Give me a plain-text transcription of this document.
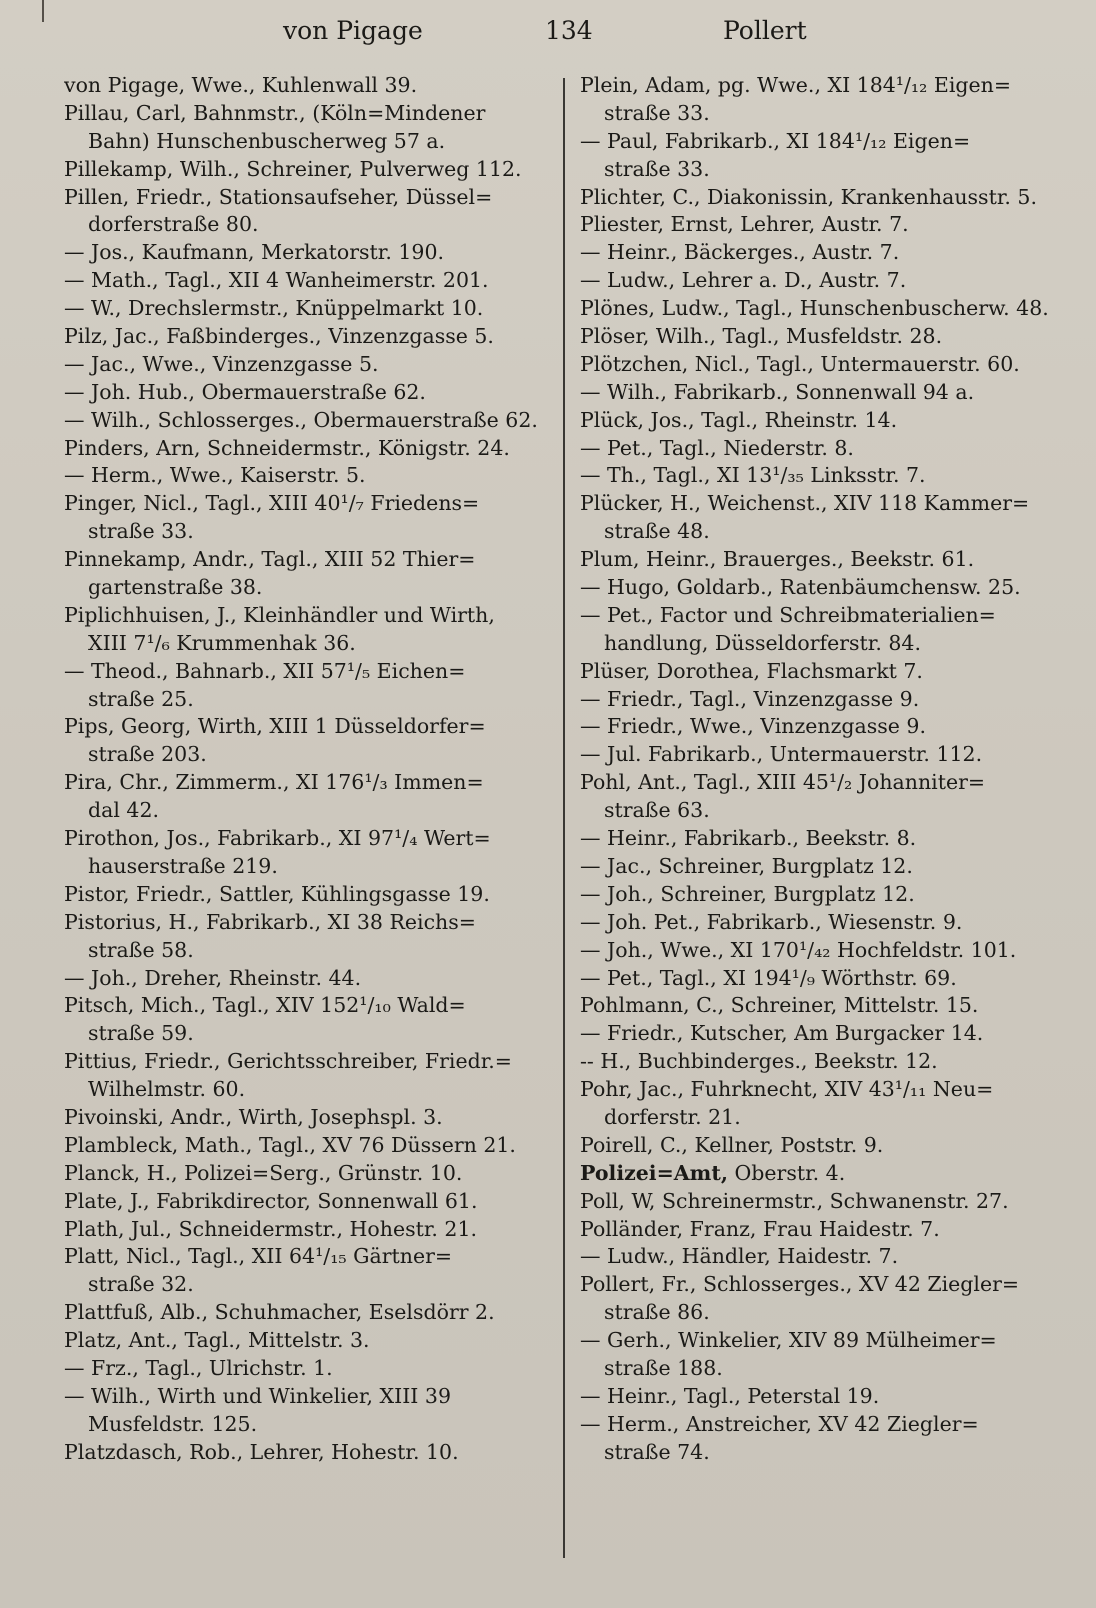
von Pigage	134	Pollert
von Pigage, Wwe., Kuhlenwall 39.
Pillau, Carl, Bahnmstr., (Köln=Mindener
Bahn) Hunschenbuscherweg 57 a.
Pillekamp, Wilh., Schreiner, Pulverweg 112.
Pillen, Friedr., Stationsaufseher, Düssel=
dorferstraße 80.
— Jos., Kaufmann, Merkatorstr. 190.
— Math., Tagl., XII 4 Wanheimerstr. 201.
— W., Drechslermstr., Knüppelmarkt 10.
Pilz, Jac., Faßbinderges., Vinzenzgasse 5.
— Jac., Wwe., Vinzenzgasse 5.
— Joh. Hub., Obermauerstraße 62.
— Wilh., Schlosserges., Obermauerstraße 62.
Pinders, Arn, Schneidermstr., Königstr. 24.
— Herm., Wwe., Kaiserstr. 5.
Pinger, Nicl., Tagl., XIII 40¹/₇ Friedens=
straße 33.
Pinnekamp, Andr., Tagl., XIII 52 Thier=
gartenstraße 38.
Piplichhuisen, J., Kleinhändler und Wirth,
XIII 7¹/₆ Krummenhak 36.
— Theod., Bahnarb., XII 57¹/₅ Eichen=
straße 25.
Pips, Georg, Wirth, XIII 1 Düsseldorfer=
straße 203.
Pira, Chr., Zimmerm., XI 176¹/₃ Immen=
dal 42.
Pirothon, Jos., Fabrikarb., XI 97¹/₄ Wert=
hauserstraße 219.
Pistor, Friedr., Sattler, Kühlingsgasse 19.
Pistorius, H., Fabrikarb., XI 38 Reichs=
straße 58.
— Joh., Dreher, Rheinstr. 44.
Pitsch, Mich., Tagl., XIV 152¹/₁₀ Wald=
straße 59.
Pittius, Friedr., Gerichtsschreiber, Friedr.=
Wilhelmstr. 60.
Pivoinski, Andr., Wirth, Josephspl. 3.
Plambleck, Math., Tagl., XV 76 Düssern 21.
Planck, H., Polizei=Serg., Grünstr. 10.
Plate, J., Fabrikdirector, Sonnenwall 61.
Plath, Jul., Schneidermstr., Hohestr. 21.
Platt, Nicl., Tagl., XII 64¹/₁₅ Gärtner=
straße 32.
Plattfuß, Alb., Schuhmacher, Eselsdörr 2.
Platz, Ant., Tagl., Mittelstr. 3.
— Frz., Tagl., Ulrichstr. 1.
— Wilh., Wirth und Winkelier, XIII 39
Musfeldstr. 125.
Platzdasch, Rob., Lehrer, Hohestr. 10.
Plein, Adam, pg. Wwe., XI 184¹/₁₂ Eigen=
straße 33.
— Paul, Fabrikarb., XI 184¹/₁₂ Eigen=
straße 33.
Plichter, C., Diakonissin, Krankenhausstr. 5.
Pliester, Ernst, Lehrer, Austr. 7.
— Heinr., Bäckerges., Austr. 7.
— Ludw., Lehrer a. D., Austr. 7.
Plönes, Ludw., Tagl., Hunschenbuscherw. 48.
Plöser, Wilh., Tagl., Musfeldstr. 28.
Plötzchen, Nicl., Tagl., Untermauerstr. 60.
— Wilh., Fabrikarb., Sonnenwall 94 a.
Plück, Jos., Tagl., Rheinstr. 14.
— Pet., Tagl., Niederstr. 8.
— Th., Tagl., XI 13¹/₃₅ Linksstr. 7.
Plücker, H., Weichenst., XIV 118 Kammer=
straße 48.
Plum, Heinr., Brauerges., Beekstr. 61.
— Hugo, Goldarb., Ratenbäumchensw. 25.
— Pet., Factor und Schreibmaterialien=
handlung, Düsseldorferstr. 84.
Plüser, Dorothea, Flachsmarkt 7.
— Friedr., Tagl., Vinzenzgasse 9.
— Friedr., Wwe., Vinzenzgasse 9.
— Jul. Fabrikarb., Untermauerstr. 112.
Pohl, Ant., Tagl., XIII 45¹/₂ Johanniter=
straße 63.
— Heinr., Fabrikarb., Beekstr. 8.
— Jac., Schreiner, Burgplatz 12.
— Joh., Schreiner, Burgplatz 12.
— Joh. Pet., Fabrikarb., Wiesenstr. 9.
— Joh., Wwe., XI 170¹/₄₂ Hochfeldstr. 101.
— Pet., Tagl., XI 194¹/₉ Wörthstr. 69.
Pohlmann, C., Schreiner, Mittelstr. 15.
— Friedr., Kutscher, Am Burgacker 14.
-- H., Buchbinderges., Beekstr. 12.
Pohr, Jac., Fuhrknecht, XIV 43¹/₁₁ Neu=
dorferstr. 21.
Poirell, C., Kellner, Poststr. 9.
Polizei=Amt, Oberstr. 4.
Poll, W, Schreinermstr., Schwanenstr. 27.
Polländer, Franz, Frau Haidestr. 7.
— Ludw., Händler, Haidestr. 7.
Pollert, Fr., Schlosserges., XV 42 Ziegler=
straße 86.
— Gerh., Winkelier, XIV 89 Mülheimer=
straße 188.
— Heinr., Tagl., Peterstal 19.
— Herm., Anstreicher, XV 42 Ziegler=
straße 74.
